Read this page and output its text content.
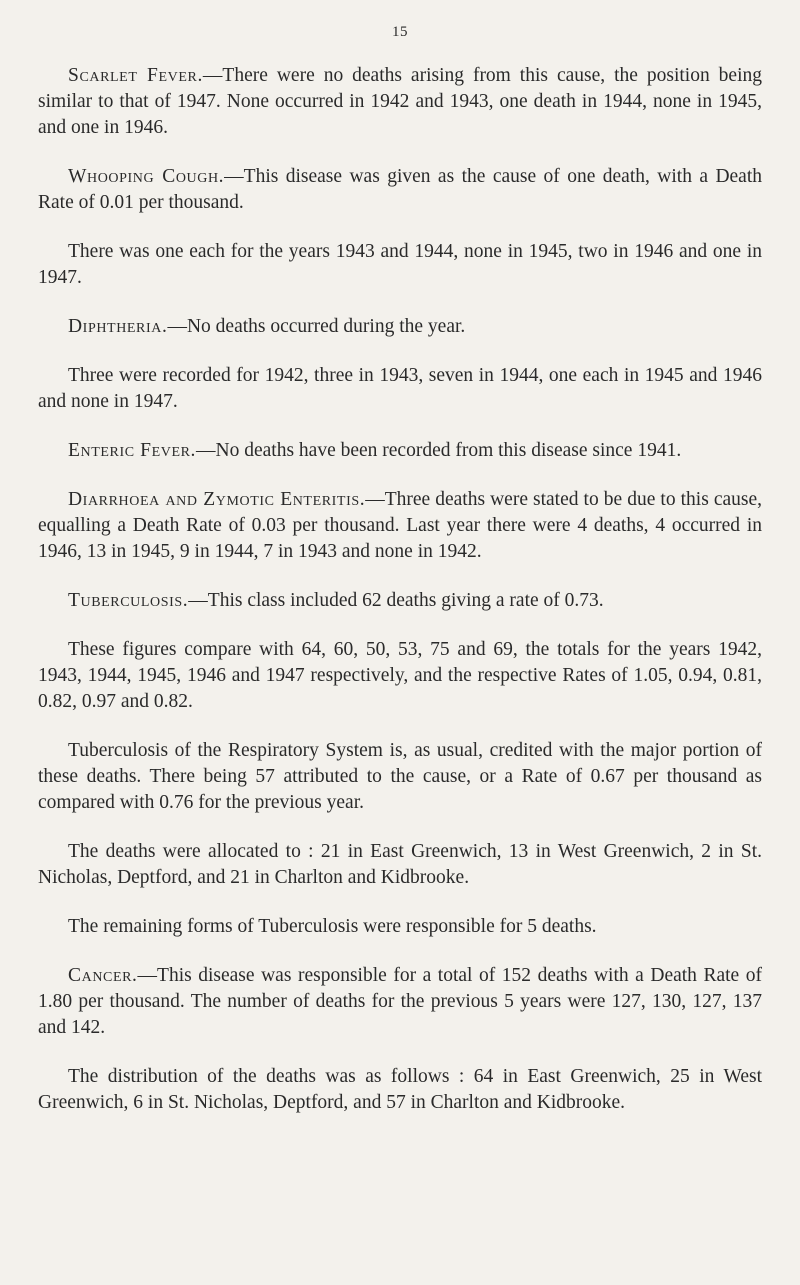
15

Scarlet Fever.—There were no deaths arising from this cause, the position being similar to that of 1947. None occurred in 1942 and 1943, one death in 1944, none in 1945, and one in 1946.

Whooping Cough.—This disease was given as the cause of one death, with a Death Rate of 0.01 per thousand.

There was one each for the years 1943 and 1944, none in 1945, two in 1946 and one in 1947.

Diphtheria.—No deaths occurred during the year.

Three were recorded for 1942, three in 1943, seven in 1944, one each in 1945 and 1946 and none in 1947.

Enteric Fever.—No deaths have been recorded from this disease since 1941.

Diarrhoea and Zymotic Enteritis.—Three deaths were stated to be due to this cause, equalling a Death Rate of 0.03 per thousand. Last year there were 4 deaths, 4 occurred in 1946, 13 in 1945, 9 in 1944, 7 in 1943 and none in 1942.

Tuberculosis.—This class included 62 deaths giving a rate of 0.73.

These figures compare with 64, 60, 50, 53, 75 and 69, the totals for the years 1942, 1943, 1944, 1945, 1946 and 1947 respectively, and the respective Rates of 1.05, 0.94, 0.81, 0.82, 0.97 and 0.82.

Tuberculosis of the Respiratory System is, as usual, credited with the major portion of these deaths. There being 57 attributed to the cause, or a Rate of 0.67 per thousand as compared with 0.76 for the previous year.

The deaths were allocated to : 21 in East Greenwich, 13 in West Greenwich, 2 in St. Nicholas, Deptford, and 21 in Charlton and Kidbrooke.

The remaining forms of Tuberculosis were responsible for 5 deaths.

Cancer.—This disease was responsible for a total of 152 deaths with a Death Rate of 1.80 per thousand. The number of deaths for the previous 5 years were 127, 130, 127, 137 and 142.

The distribution of the deaths was as follows : 64 in East Greenwich, 25 in West Greenwich, 6 in St. Nicholas, Deptford, and 57 in Charlton and Kidbrooke.
